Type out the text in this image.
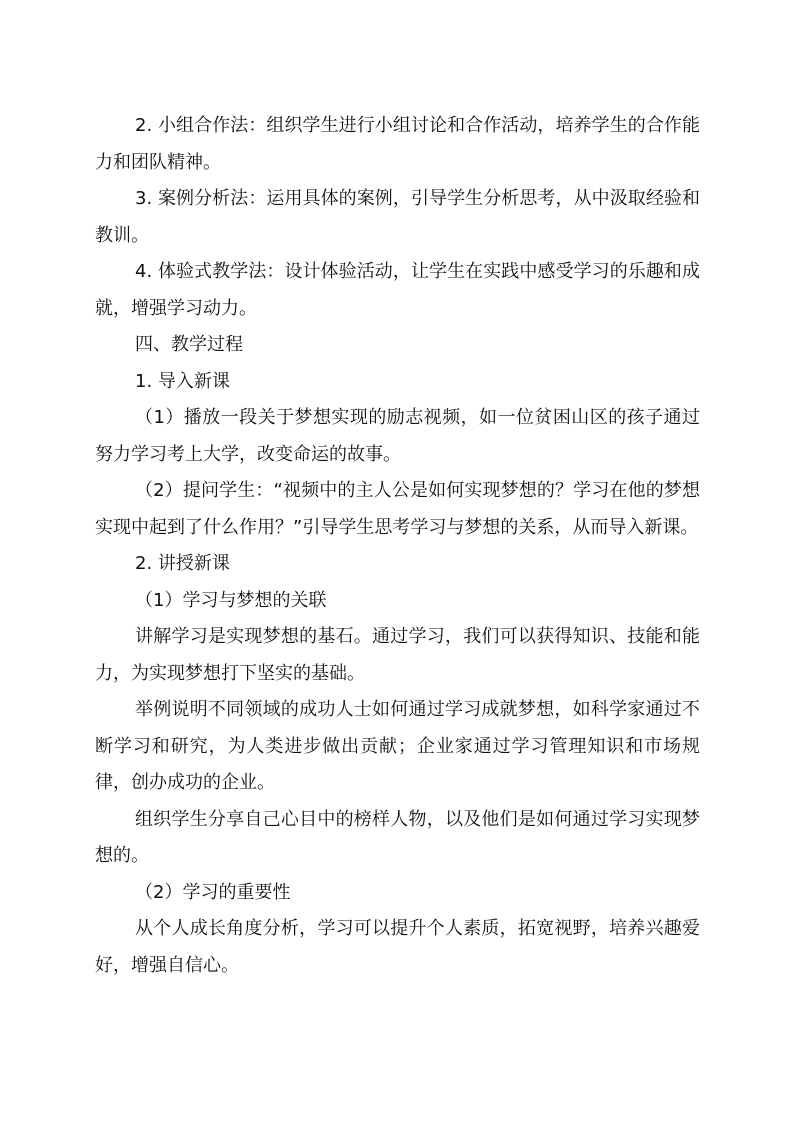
2. 小组合作法：组织学生进行小组讨论和合作活动，培养学生的合作能力和团队精神。

3. 案例分析法：运用具体的案例，引导学生分析思考，从中汲取经验和教训。

4. 体验式教学法：设计体验活动，让学生在实践中感受学习的乐趣和成就，增强学习动力。

四、教学过程

1. 导入新课

（1）播放一段关于梦想实现的励志视频，如一位贫困山区的孩子通过努力学习考上大学，改变命运的故事。

（2）提问学生：“视频中的主人公是如何实现梦想的？学习在他的梦想实现中起到了什么作用？”引导学生思考学习与梦想的关系，从而导入新课。

2. 讲授新课

（1）学习与梦想的关联

讲解学习是实现梦想的基石。通过学习，我们可以获得知识、技能和能力，为实现梦想打下坚实的基础。

举例说明不同领域的成功人士如何通过学习成就梦想，如科学家通过不断学习和研究，为人类进步做出贡献；企业家通过学习管理知识和市场规律，创办成功的企业。

组织学生分享自己心目中的榜样人物，以及他们是如何通过学习实现梦想的。

（2）学习的重要性

从个人成长角度分析，学习可以提升个人素质，拓宽视野，培养兴趣爱好，增强自信心。
